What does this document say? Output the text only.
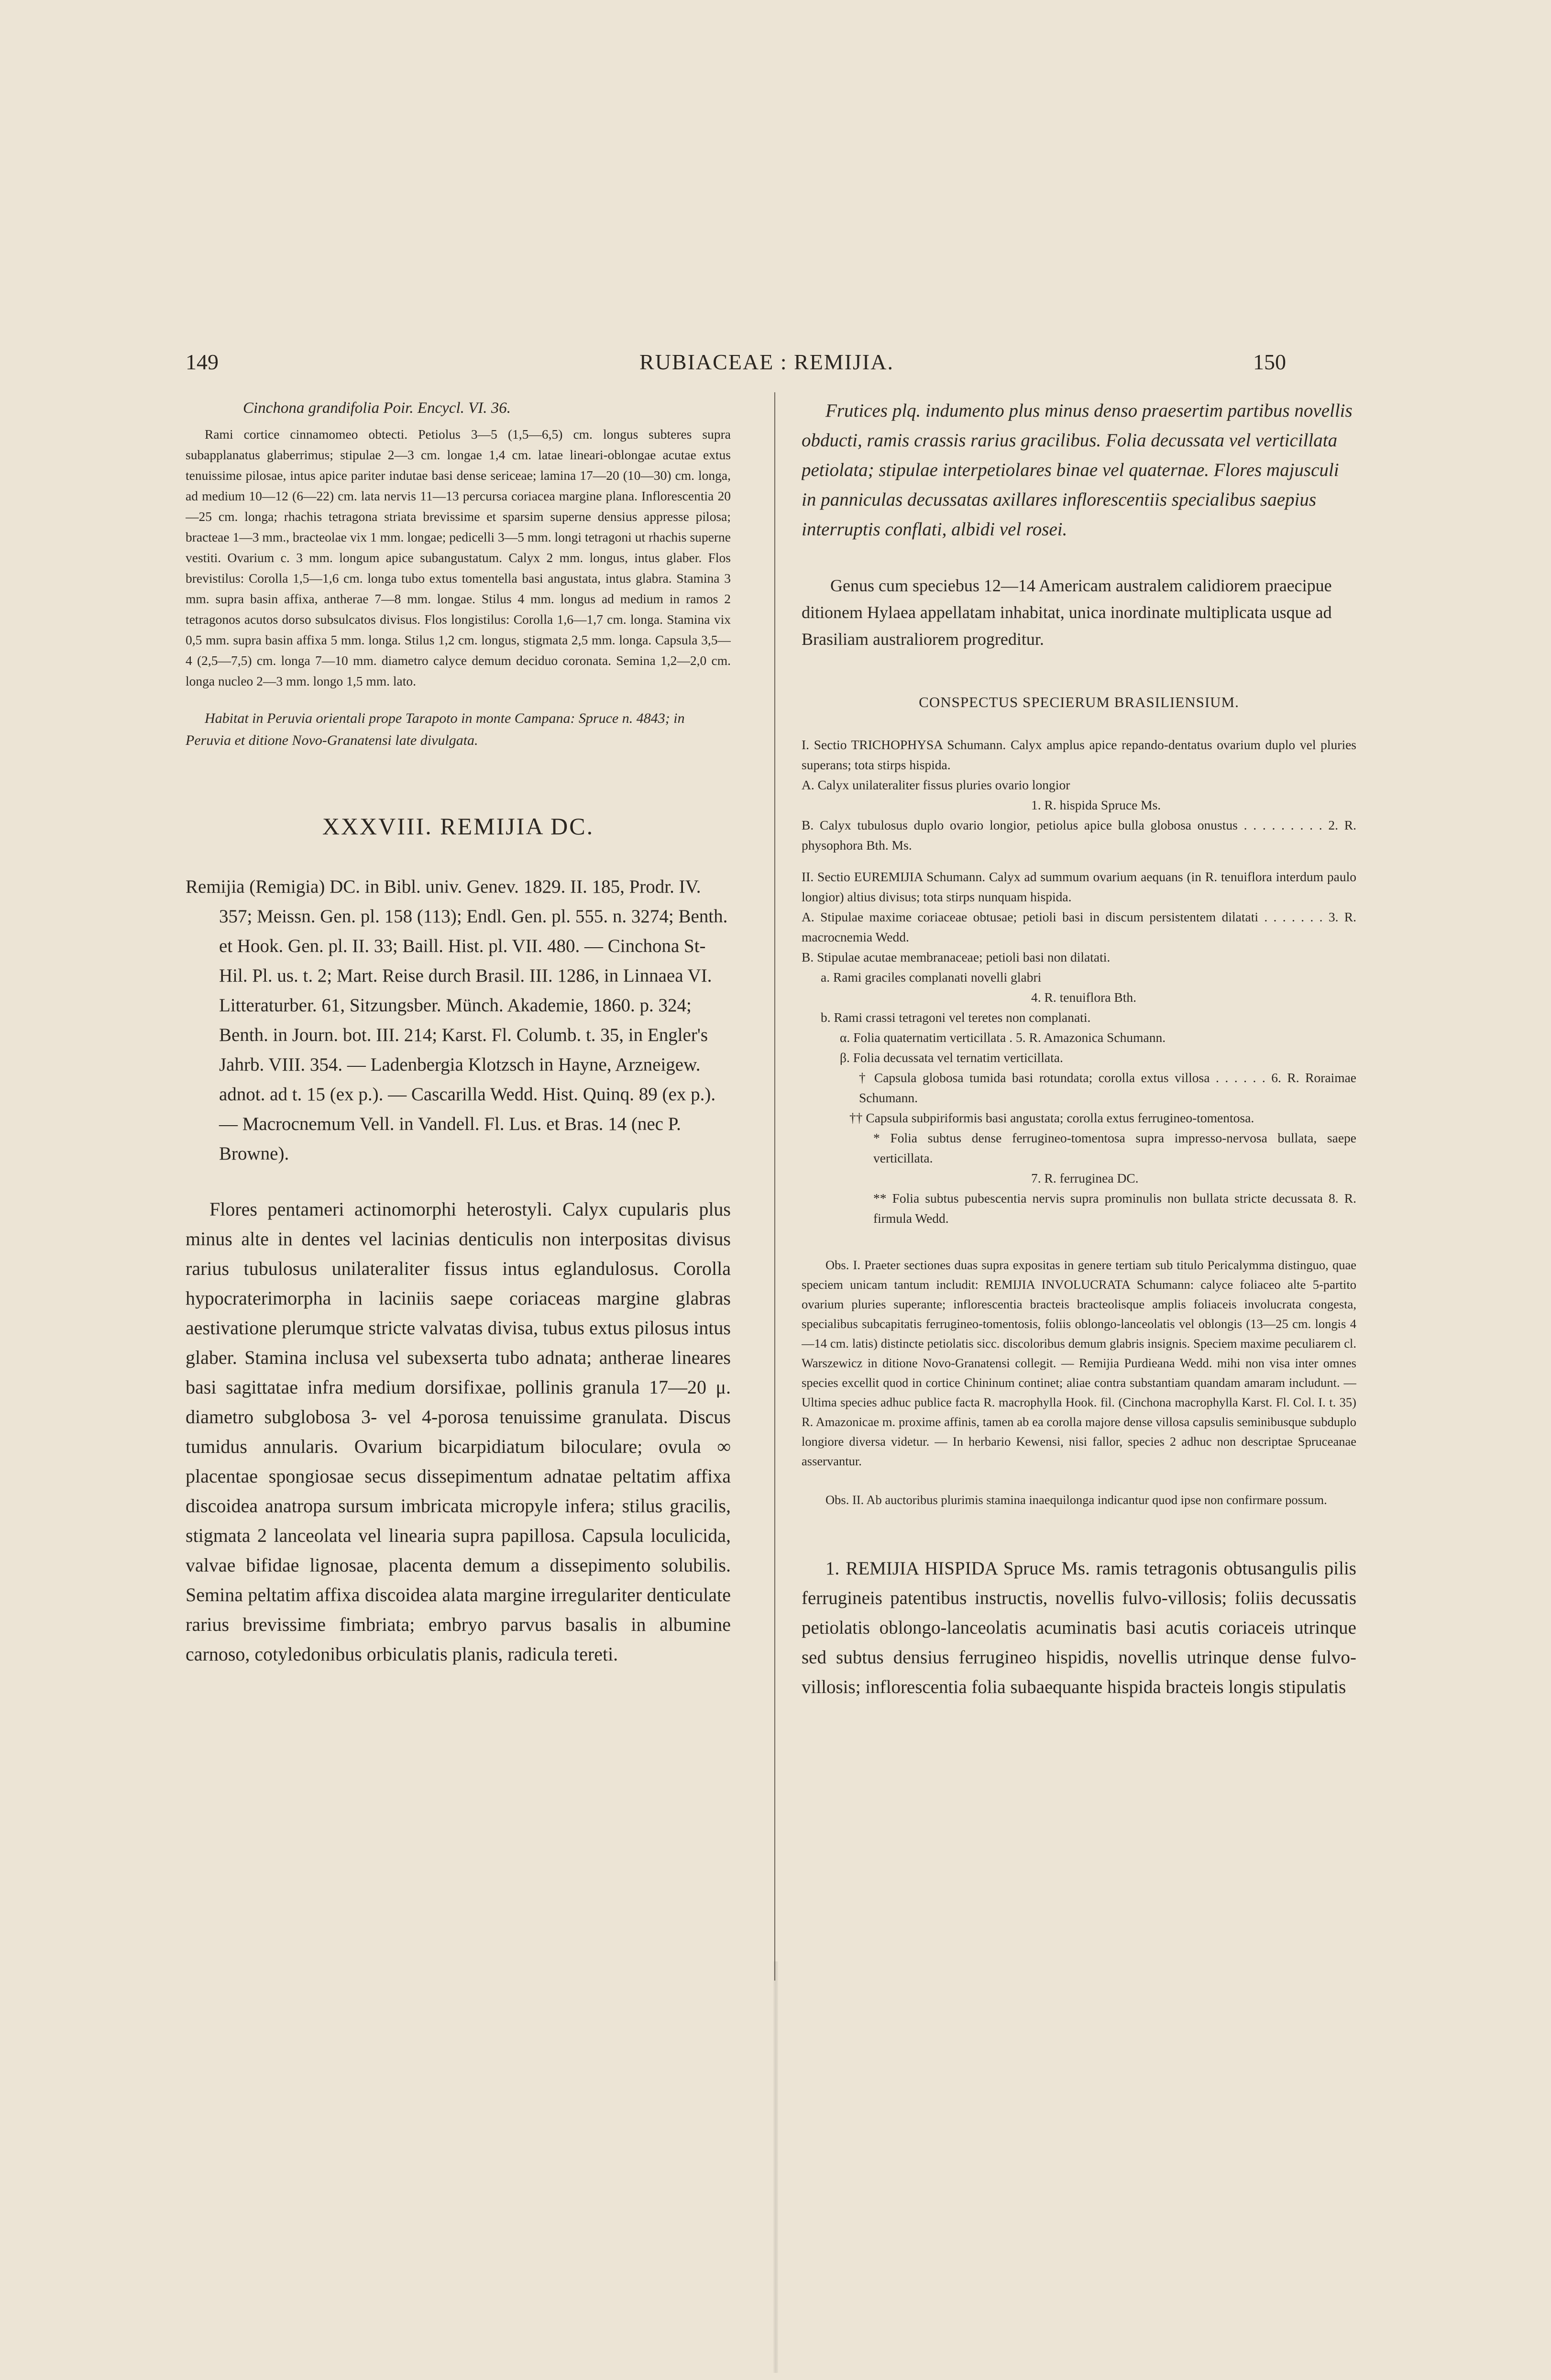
RUBIACEAE : REMIJIA.
149	150

Cinchona grandifolia Poir. Encycl. VI. 36.

Rami cortice cinnamomeo obtecti. Petiolus 3—5 (1,5—6,5) cm. longus subteres supra subapplanatus glaberrimus; stipulae 2—3 cm. longae 1,4 cm. latae lineari-oblongae acutae extus tenuissime pilosae, intus apice pariter indutae basi dense sericeae; lamina 17—20 (10—30) cm. longa, ad medium 10—12 (6—22) cm. lata nervis 11—13 percursa coriacea margine plana. Inflorescentia 20—25 cm. longa; rhachis tetragona striata brevissime et sparsim superne densius appresse pilosa; bracteae 1—3 mm., bracteolae vix 1 mm. longae; pedicelli 3—5 mm. longi tetragoni ut rhachis superne vestiti. Ovarium c. 3 mm. longum apice subangustatum. Calyx 2 mm. longus, intus glaber. Flos brevistilus: Corolla 1,5—1,6 cm. longa tubo extus tomentella basi angustata, intus glabra. Stamina 3 mm. supra basin affixa, antherae 7—8 mm. longae. Stilus 4 mm. longus ad medium in ramos 2 tetragonos acutos dorso subsulcatos divisus. Flos longistilus: Corolla 1,6—1,7 cm. longa. Stamina vix 0,5 mm. supra basin affixa 5 mm. longa. Stilus 1,2 cm. longus, stigmata 2,5 mm. longa. Capsula 3,5—4 (2,5—7,5) cm. longa 7—10 mm. diametro calyce demum deciduo coronata. Semina 1,2—2,0 cm. longa nucleo 2—3 mm. longo 1,5 mm. lato.

Habitat in Peruvia orientali prope Tarapoto in monte Campana: Spruce n. 4843; in Peruvia et ditione Novo-Granatensi late divulgata.

XXXVIII. REMIJIA DC.

Remijia (Remigia) DC. in Bibl. univ. Genev. 1829. II. 185, Prodr. IV. 357; Meissn. Gen. pl. 158 (113); Endl. Gen. pl. 555. n. 3274; Benth. et Hook. Gen. pl. II. 33; Baill. Hist. pl. VII. 480. — Cinchona St-Hil. Pl. us. t. 2; Mart. Reise durch Brasil. III. 1286, in Linnaea VI. Litteraturber. 61, Sitzungsber. Münch. Akademie, 1860. p. 324; Benth. in Journ. bot. III. 214; Karst. Fl. Columb. t. 35, in Engler's Jahrb. VIII. 354. — Ladenbergia Klotzsch in Hayne, Arzneigew. adnot. ad t. 15 (ex p.). — Cascarilla Wedd. Hist. Quinq. 89 (ex p.). — Macrocnemum Vell. in Vandell. Fl. Lus. et Bras. 14 (nec P. Browne).

Flores pentameri actinomorphi heterostyli. Calyx cupularis plus minus alte in dentes vel lacinias denticulis non interpositas divisus rarius tubulosus unilateraliter fissus intus eglandulosus. Corolla hypocraterimorpha in laciniis saepe coriaceas margine glabras aestivatione plerumque stricte valvatas divisa, tubus extus pilosus intus glaber. Stamina inclusa vel subexserta tubo adnata; antherae lineares basi sagittatae infra medium dorsifixae, pollinis granula 17—20 μ. diametro subglobosa 3- vel 4-porosa tenuissime granulata. Discus tumidus annularis. Ovarium bicarpidiatum biloculare; ovula ∞ placentae spongiosae secus dissepimentum adnatae peltatim affixa discoidea anatropa sursum imbricata micropyle infera; stilus gracilis, stigmata 2 lanceolata vel linearia supra papillosa. Capsula loculicida, valvae bifidae lignosae, placenta demum a dissepimento solubilis. Semina peltatim affixa discoidea alata margine irregulariter denticulate rarius brevissime fimbriata; embryo parvus basalis in albumine carnoso, cotyledonibus orbiculatis planis, radicula tereti.

Frutices plq. indumento plus minus denso praesertim partibus novellis obducti, ramis crassis rarius gracilibus. Folia decussata vel verticillata petiolata; stipulae interpetiolares binae vel quaternae. Flores majusculi in panniculas decussatas axillares inflorescentiis specialibus saepius interruptis conflati, albidi vel rosei.

Genus cum speciebus 12—14 Americam australem calidiorem praecipue ditionem Hylaea appellatam inhabitat, unica inordinate multiplicata usque ad Brasiliam australiorem progreditur.

CONSPECTUS SPECIERUM BRASILIENSIUM.

I. Sectio TRICHOPHYSA Schumann. Calyx amplus apice repando-dentatus ovarium duplo vel pluries superans; tota stirps hispida.

A. Calyx unilateraliter fissus pluries ovario longior

1. R. hispida Spruce Ms.

B. Calyx tubulosus duplo ovario longior, petiolus apice bulla globosa onustus . . . . . . . . . 2. R. physophora Bth. Ms.

II. Sectio EUREMIJIA Schumann. Calyx ad summum ovarium aequans (in R. tenuiflora interdum paulo longior) altius divisus; tota stirps nunquam hispida.

A. Stipulae maxime coriaceae obtusae; petioli basi in discum persistentem dilatati . . . . . . . 3. R. macrocnemia Wedd.

B. Stipulae acutae membranaceae; petioli basi non dilatati.

a. Rami graciles complanati novelli glabri

4. R. tenuiflora Bth.

b. Rami crassi tetragoni vel teretes non complanati.

α. Folia quaternatim verticillata . 5. R. Amazonica Schumann.

β. Folia decussata vel ternatim verticillata.

† Capsula globosa tumida basi rotundata; corolla extus villosa . . . . . . 6. R. Roraimae Schumann.

†† Capsula subpiriformis basi angustata; corolla extus ferrugineo-tomentosa.

* Folia subtus dense ferrugineo-tomentosa supra impresso-nervosa bullata, saepe verticillata.

7. R. ferruginea DC.

** Folia subtus pubescentia nervis supra prominulis non bullata stricte decussata 8. R. firmula Wedd.

Obs. I. Praeter sectiones duas supra expositas in genere tertiam sub titulo Pericalymma distinguo, quae speciem unicam tantum includit: REMIJIA INVOLUCRATA Schumann: calyce foliaceo alte 5-partito ovarium pluries superante; inflorescentia bracteis bracteolisque amplis foliaceis involucrata congesta, specialibus subcapitatis ferrugineo-tomentosis, foliis oblongo-lanceolatis vel oblongis (13—25 cm. longis 4—14 cm. latis) distincte petiolatis sicc. discoloribus demum glabris insignis. Speciem maxime peculiarem cl. Warszewicz in ditione Novo-Granatensi collegit. — Remijia Purdieana Wedd. mihi non visa inter omnes species excellit quod in cortice Chininum continet; aliae contra substantiam quandam amaram includunt. — Ultima species adhuc publice facta R. macrophylla Hook. fil. (Cinchona macrophylla Karst. Fl. Col. I. t. 35) R. Amazonicae m. proxime affinis, tamen ab ea corolla majore dense villosa capsulis seminibusque subduplo longiore diversa videtur. — In herbario Kewensi, nisi fallor, species 2 adhuc non descriptae Spruceanae asservantur.

Obs. II. Ab auctoribus plurimis stamina inaequilonga indicantur quod ipse non confirmare possum.

1. REMIJIA HISPIDA Spruce Ms. ramis tetragonis obtusangulis pilis ferrugineis patentibus instructis, novellis fulvo-villosis; foliis decussatis petiolatis oblongo-lanceolatis acuminatis basi acutis coriaceis utrinque sed subtus densius ferrugineo hispidis, novellis utrinque dense fulvo-villosis; inflorescentia folia subaequante hispida bracteis longis stipulatis
